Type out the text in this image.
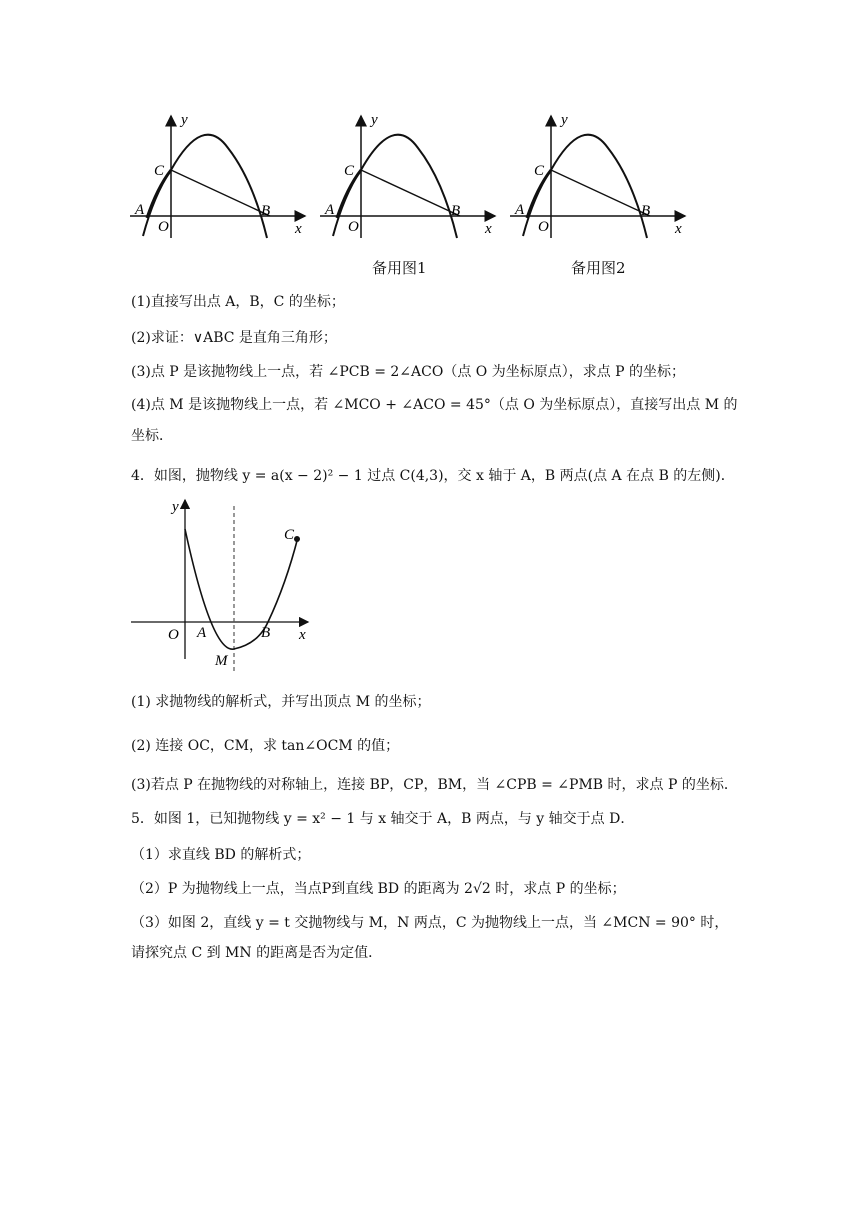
y
C
A
O
B
x
y
C
A
O
B
x
y
C
A
O
B
x
备用图1	备用图2
(1)直接写出点 A，B，C 的坐标；
(2)求证：∨ABC 是直角三角形；
(3)点 P 是该抛物线上一点，若 ∠PCB = 2∠ACO（点 O 为坐标原点），求点 P 的坐标；
(4)点 M 是该抛物线上一点，若 ∠MCO + ∠ACO = 45°（点 O 为坐标原点），直接写出点 M 的
坐标．
4．如图，抛物线 y = a(x − 2)² − 1 过点 C(4,3)，交 x 轴于 A，B 两点(点 A 在点 B 的左侧)．
y
C
O A	B x
M
(1) 求抛物线的解析式，并写出顶点 M 的坐标；
(2) 连接 OC，CM，求 tan∠OCM 的值；
(3)若点 P 在抛物线的对称轴上，连接 BP，CP，BM，当 ∠CPB = ∠PMB 时，求点 P 的坐标．
5．如图 1，已知抛物线 y = x² − 1 与 x 轴交于 A，B 两点，与 y 轴交于点 D．
（1）求直线 BD 的解析式；
（2）P 为抛物线上一点，当点P到直线 BD 的距离为 2√2 时，求点 P 的坐标；
（3）如图 2，直线 y = t 交抛物线与 M，N 两点，C 为抛物线上一点，当 ∠MCN = 90° 时，
请探究点 C 到 MN 的距离是否为定值．
